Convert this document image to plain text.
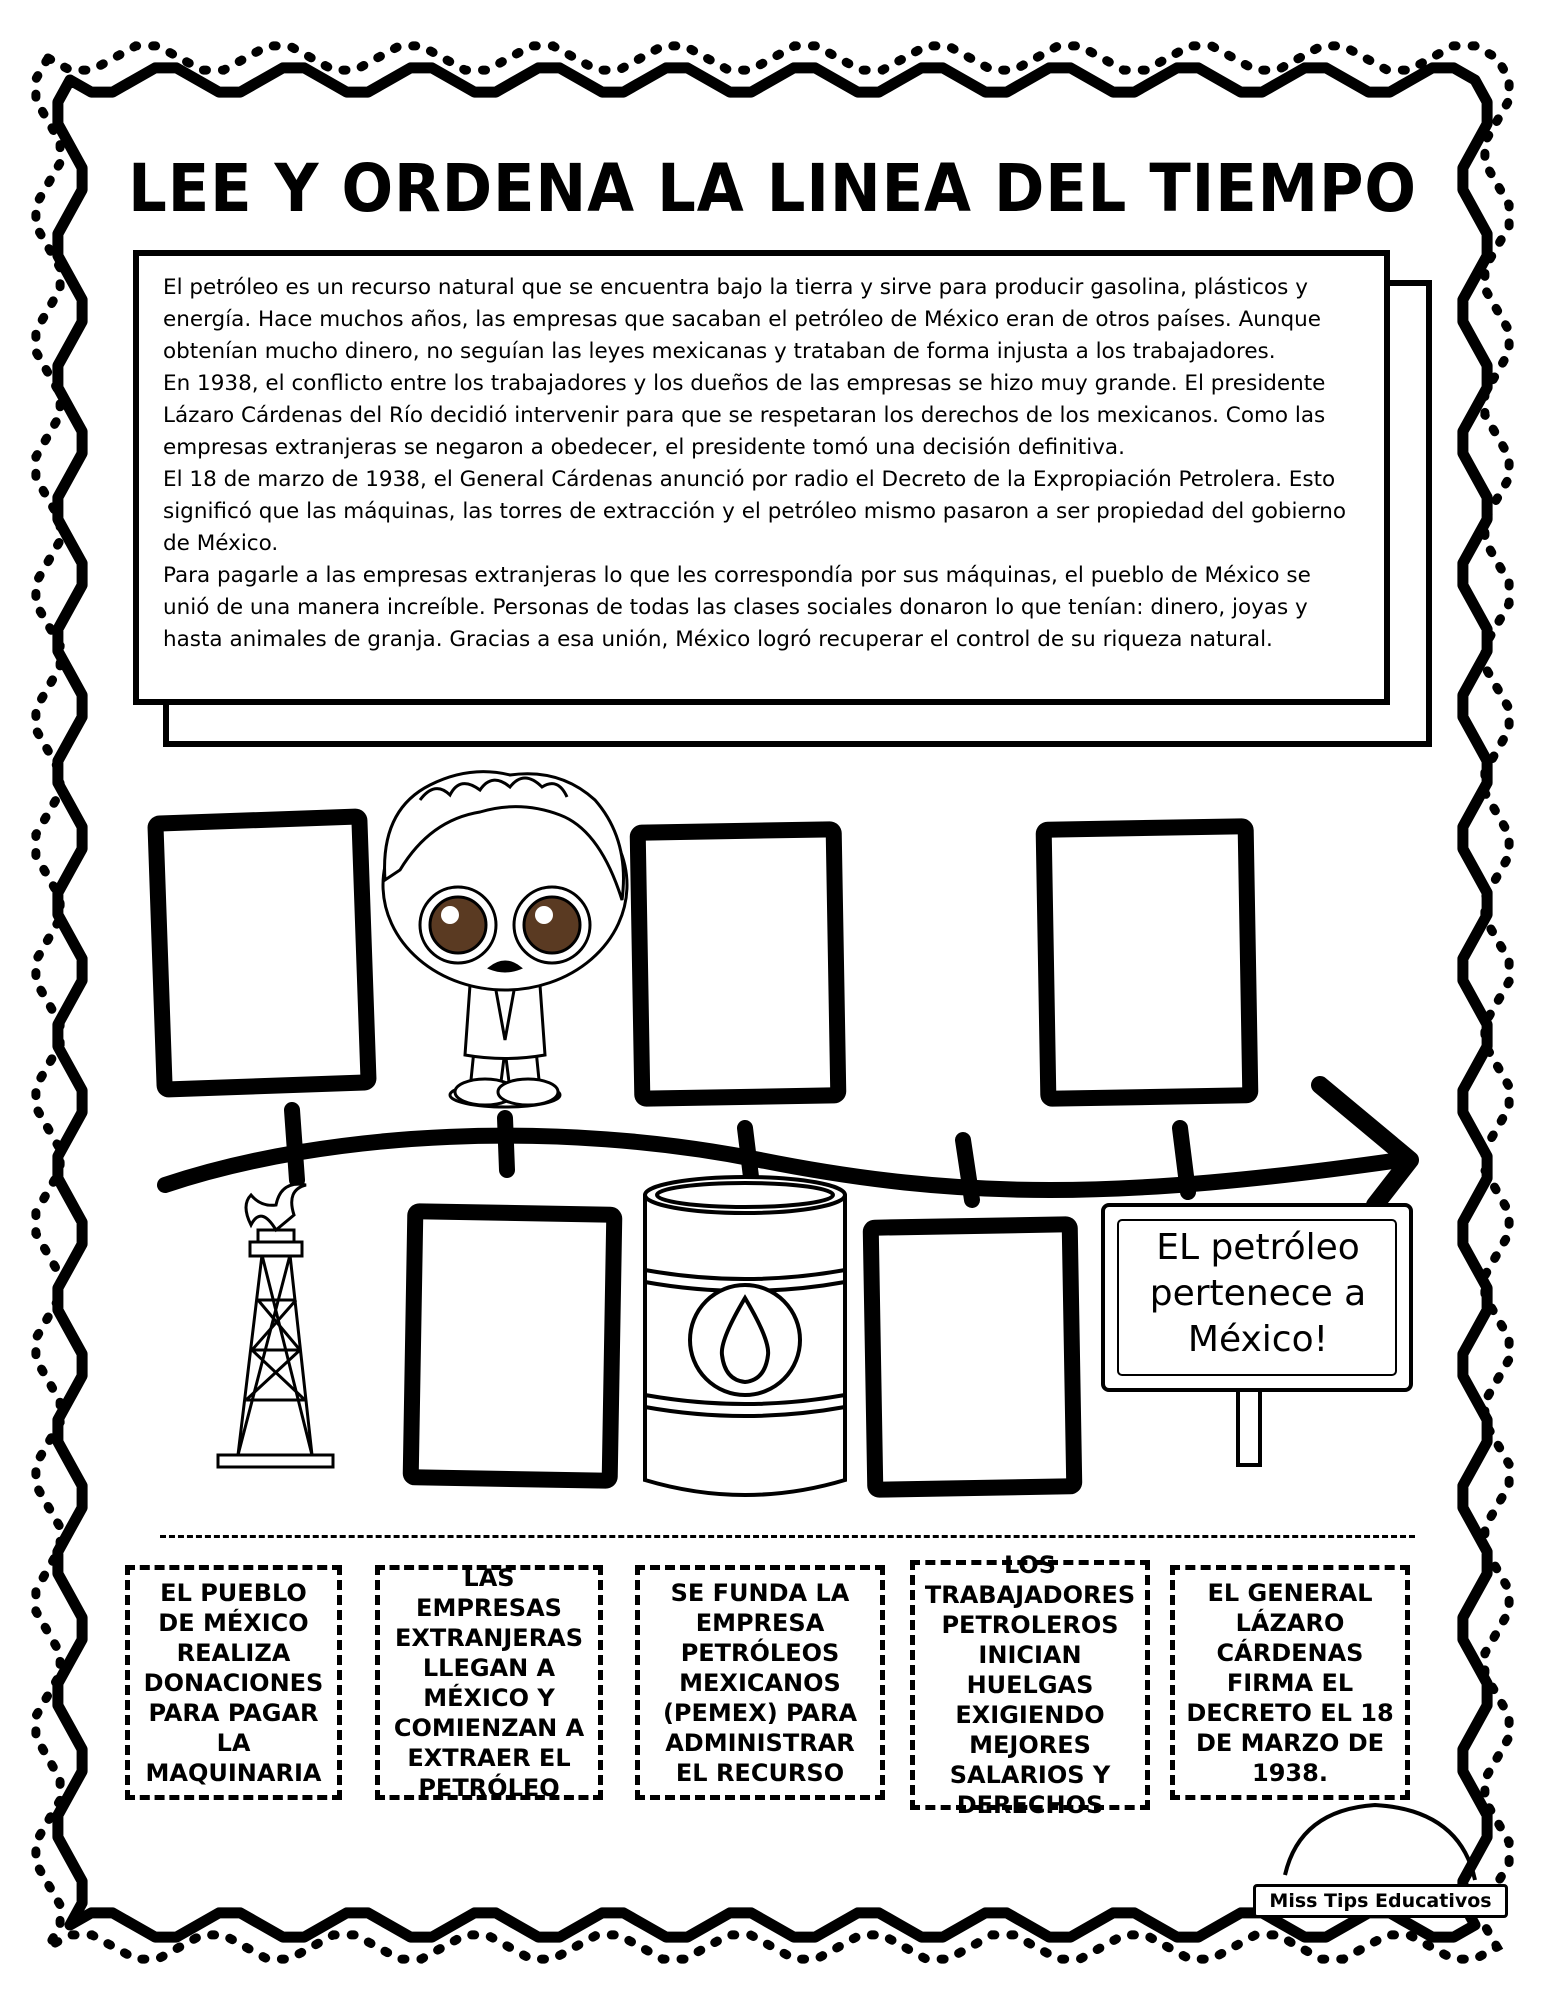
LEE Y ORDENA LA LINEA DEL TIEMPO

El petróleo es un recurso natural que se encuentra bajo la tierra y sirve para producir gasolina, plásticos y energía. Hace muchos años, las empresas que sacaban el petróleo de México eran de otros países. Aunque obtenían mucho dinero, no seguían las leyes mexicanas y trataban de forma injusta a los trabajadores.

En 1938, el conflicto entre los trabajadores y los dueños de las empresas se hizo muy grande. El presidente Lázaro Cárdenas del Río decidió intervenir para que se respetaran los derechos de los mexicanos. Como las empresas extranjeras se negaron a obedecer, el presidente tomó una decisión definitiva.

El 18 de marzo de 1938, el General Cárdenas anunció por radio el Decreto de la Expropiación Petrolera. Esto significó que las máquinas, las torres de extracción y el petróleo mismo pasaron a ser propiedad del gobierno de México.

Para pagarle a las empresas extranjeras lo que les correspondía por sus máquinas, el pueblo de México se unió de una manera increíble. Personas de todas las clases sociales donaron lo que tenían: dinero, joyas y hasta animales de granja. Gracias a esa unión, México logró recuperar el control de su riqueza natural.

EL petróleo
pertenece a
México!
EL PUEBLO DE MÉXICO REALIZA DONACIONES PARA PAGAR LA MAQUINARIA
LAS EMPRESAS EXTRANJERAS LLEGAN A MÉXICO Y COMIENZAN A EXTRAER EL PETRÓLEO
SE FUNDA LA EMPRESA PETRÓLEOS MEXICANOS (PEMEX) PARA ADMINISTRAR EL RECURSO
LOS TRABAJADORES PETROLEROS INICIAN HUELGAS EXIGIENDO MEJORES SALARIOS Y DERECHOS
EL GENERAL LÁZARO CÁRDENAS FIRMA EL DECRETO EL 18 DE MARZO DE 1938.
Miss Tips Educativos
